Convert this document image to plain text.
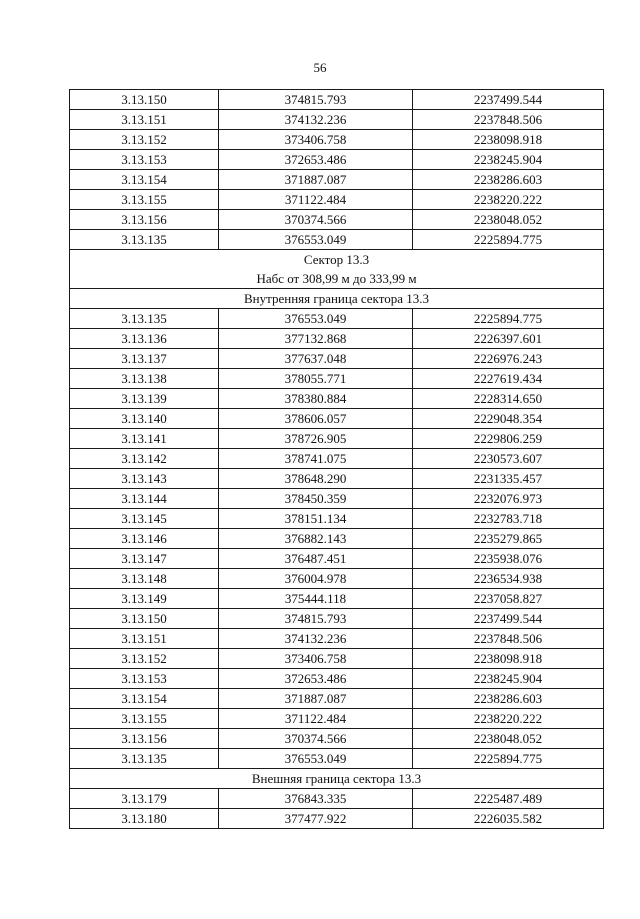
56
3.13.150	374815.793	2237499.544
3.13.151	374132.236	2237848.506
3.13.152	373406.758	2238098.918
3.13.153	372653.486	2238245.904
3.13.154	371887.087	2238286.603
3.13.155	371122.484	2238220.222
3.13.156	370374.566	2238048.052
3.13.135	376553.049	2225894.775

Сектор 13.3
Набс от 308,99 м до 333,99 м		

Внутренняя граница сектора 13.3		
3.13.135	376553.049	2225894.775
3.13.136	377132.868	2226397.601
3.13.137	377637.048	2226976.243
3.13.138	378055.771	2227619.434
3.13.139	378380.884	2228314.650
3.13.140	378606.057	2229048.354
3.13.141	378726.905	2229806.259
3.13.142	378741.075	2230573.607
3.13.143	378648.290	2231335.457
3.13.144	378450.359	2232076.973
3.13.145	378151.134	2232783.718
3.13.146	376882.143	2235279.865
3.13.147	376487.451	2235938.076
3.13.148	376004.978	2236534.938
3.13.149	375444.118	2237058.827
3.13.150	374815.793	2237499.544
3.13.151	374132.236	2237848.506
3.13.152	373406.758	2238098.918
3.13.153	372653.486	2238245.904
3.13.154	371887.087	2238286.603
3.13.155	371122.484	2238220.222
3.13.156	370374.566	2238048.052
3.13.135	376553.049	2225894.775
Внешняя граница сектора 13.3		
3.13.179	376843.335	2225487.489
3.13.180	377477.922	2226035.582
